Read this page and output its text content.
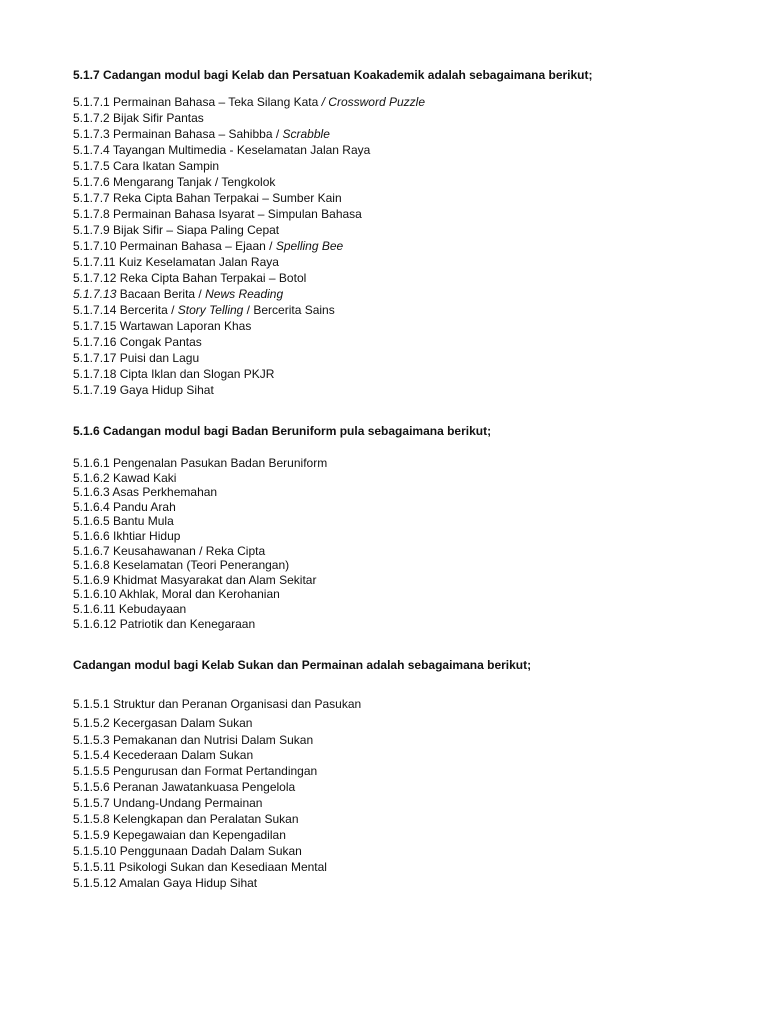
5.1.7 Cadangan modul bagi Kelab dan Persatuan Koakademik adalah sebagaimana berikut;

5.1.7.1 Permainan Bahasa – Teka Silang Kata / Crossword Puzzle
5.1.7.2 Bijak Sifir Pantas
5.1.7.3 Permainan Bahasa – Sahibba / Scrabble
5.1.7.4 Tayangan Multimedia - Keselamatan Jalan Raya
5.1.7.5 Cara Ikatan Sampin
5.1.7.6 Mengarang Tanjak / Tengkolok
5.1.7.7 Reka Cipta Bahan Terpakai – Sumber Kain
5.1.7.8 Permainan Bahasa Isyarat – Simpulan Bahasa
5.1.7.9 Bijak Sifir – Siapa Paling Cepat
5.1.7.10 Permainan Bahasa – Ejaan / Spelling Bee
5.1.7.11 Kuiz Keselamatan Jalan Raya
5.1.7.12 Reka Cipta Bahan Terpakai – Botol
5.1.7.13 Bacaan Berita / News Reading
5.1.7.14 Bercerita / Story Telling / Bercerita Sains
5.1.7.15 Wartawan Laporan Khas
5.1.7.16 Congak Pantas
5.1.7.17 Puisi dan Lagu
5.1.7.18 Cipta Iklan dan Slogan PKJR
5.1.7.19 Gaya Hidup Sihat

5.1.6 Cadangan modul bagi Badan Beruniform pula sebagaimana berikut;

5.1.6.1 Pengenalan Pasukan Badan Beruniform
5.1.6.2 Kawad Kaki
5.1.6.3 Asas Perkhemahan
5.1.6.4 Pandu Arah
5.1.6.5 Bantu Mula
5.1.6.6 Ikhtiar Hidup
5.1.6.7 Keusahawanan / Reka Cipta
5.1.6.8 Keselamatan (Teori Penerangan)
5.1.6.9 Khidmat Masyarakat dan Alam Sekitar
5.1.6.10 Akhlak, Moral dan Kerohanian
5.1.6.11 Kebudayaan
5.1.6.12 Patriotik dan Kenegaraan

Cadangan modul bagi Kelab Sukan dan Permainan adalah sebagaimana berikut;

5.1.5.1 Struktur dan Peranan Organisasi dan Pasukan
5.1.5.2 Kecergasan Dalam Sukan
5.1.5.3 Pemakanan dan Nutrisi Dalam Sukan
5.1.5.4 Kecederaan Dalam Sukan
5.1.5.5 Pengurusan dan Format Pertandingan
5.1.5.6 Peranan Jawatankuasa Pengelola
5.1.5.7 Undang-Undang Permainan
5.1.5.8 Kelengkapan dan Peralatan Sukan
5.1.5.9 Kepegawaian dan Kepengadilan
5.1.5.10 Penggunaan Dadah Dalam Sukan
5.1.5.11 Psikologi Sukan dan Kesediaan Mental
5.1.5.12 Amalan Gaya Hidup Sihat
